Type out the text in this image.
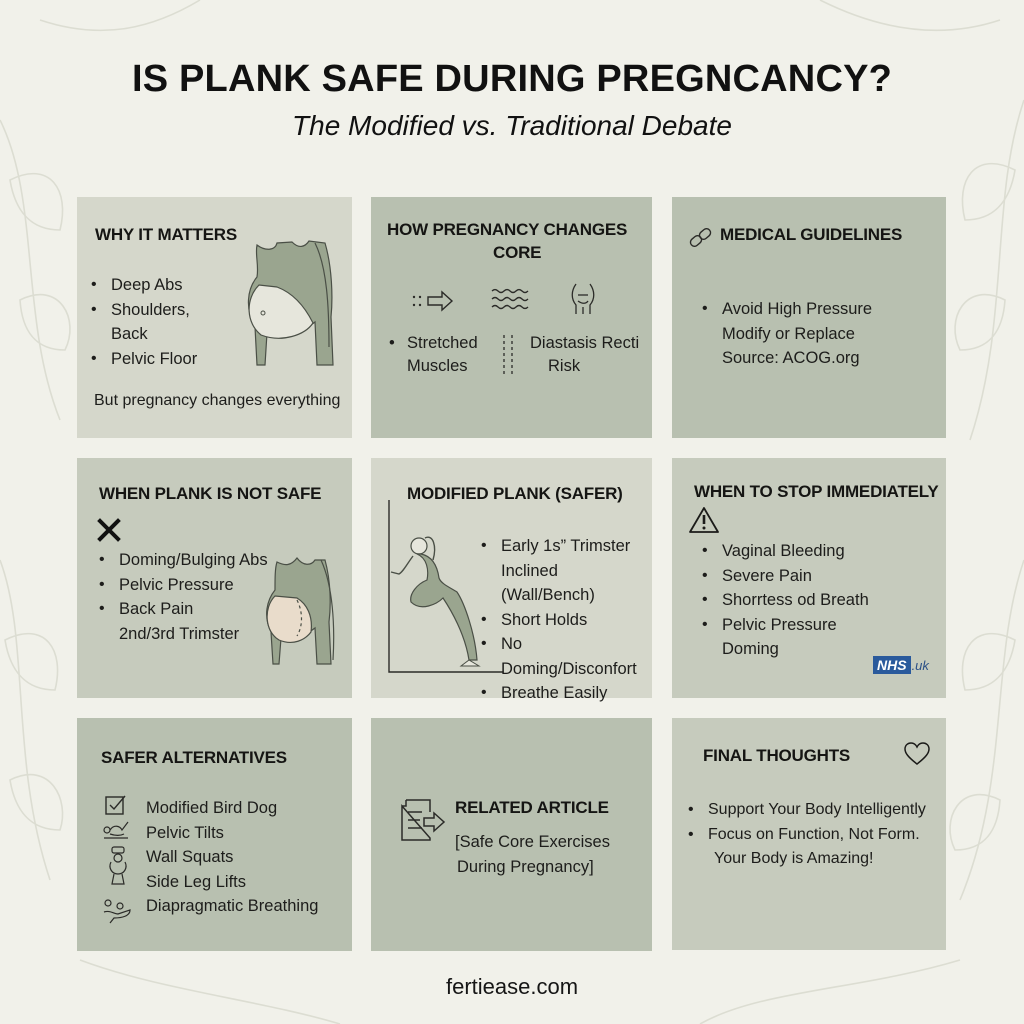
IS PLANK SAFE DURING PREGNCANCY?
The Modified vs. Traditional Debate
WHY IT MATTERS
• Deep Abs
• Shoulders,
Back
• Pelvic Floor
But pregnancy changes everything
HOW PREGNANCY CHANGES
CORE
• Stretched
Muscles
Diastasis Recti
Risk
MEDICAL GUIDELINES
• Avoid High Pressure
Modify or Replace
Source: ACOG.org
WHEN PLANK IS NOT SAFE
• Doming/Bulging Abs
• Pelvic Pressure
• Back Pain
2nd/3rd Trimster
MODIFIED PLANK (SAFER)
• Early 1s” Trimster
Inclined (Wall/Bench)
• Short Holds
• No Doming/Disconfort
• Breathe Easily
WHEN TO STOP IMMEDIATELY
• Vaginal Bleeding
• Severe Pain
• Shorrtess od Breath
• Pelvic Pressure
Doming
NHS .uk
SAFER ALTERNATIVES
Modified Bird Dog
Pelvic Tilts
Wall Squats
Side Leg Lifts
Diapragmatic Breathing
RELATED ARTICLE
[Safe Core Exercises
During Pregnancy]
FINAL THOUGHTS
• Support Your Body Intelligently
• Focus on Function, Not Form.
Your Body is Amazing!
fertiease.com
